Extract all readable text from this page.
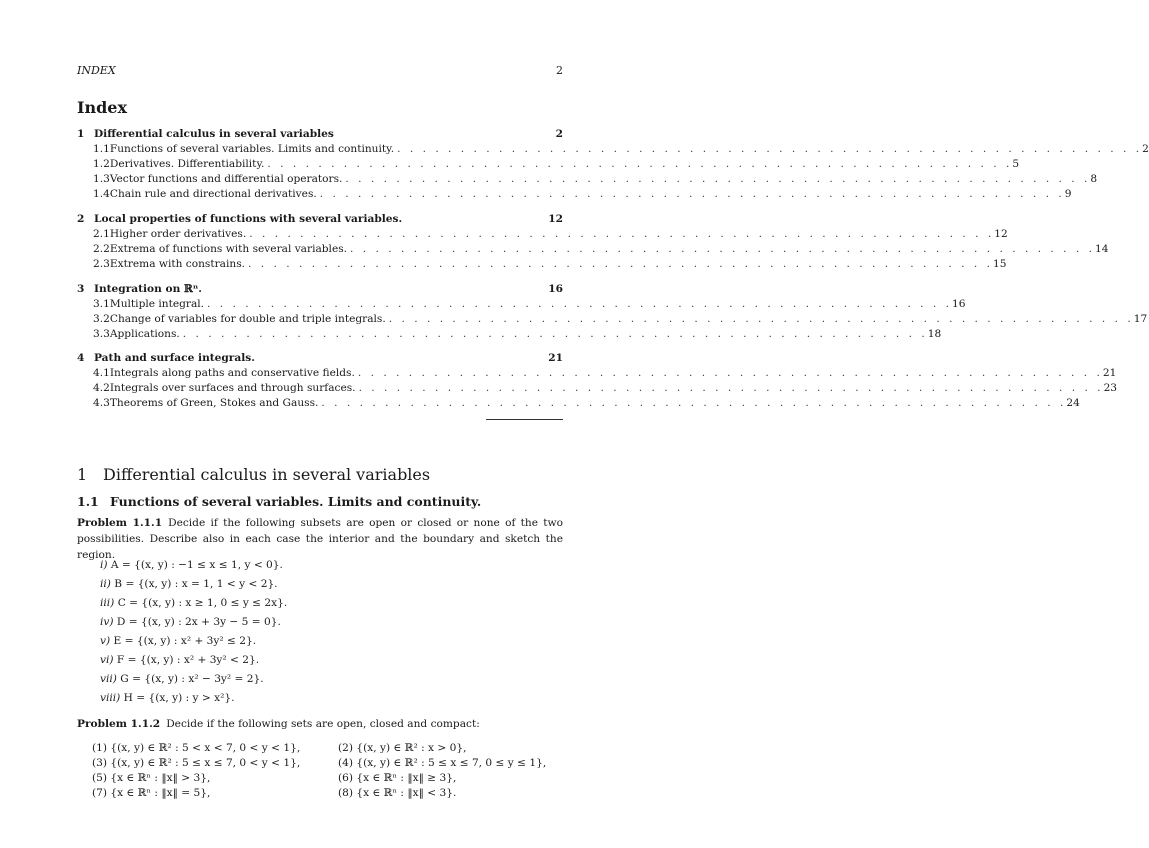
INDEX	2
Index
1 Differential calculus in several variables	2
1.1 Functions of several variables. Limits and continuity. . . . . . . . . . . . . . . . . . . . . . . . . . . . . . . . . . . . . . . . . . . . . . . . . . . . . . . . . . . . 2
1.2 Derivatives. Differentiability. . . . . . . . . . . . . . . . . . . . . . . . . . . . . . . . . . . . . . . . . . . . . . . . . . . . . . . . . . . . 5
1.3 Vector functions and differential operators. . . . . . . . . . . . . . . . . . . . . . . . . . . . . . . . . . . . . . . . . . . . . . . . . . . . . . . . . . . . 8
1.4 Chain rule and directional derivatives. . . . . . . . . . . . . . . . . . . . . . . . . . . . . . . . . . . . . . . . . . . . . . . . . . . . . . . . . . . . 9
2 Local properties of functions with several variables.	12
2.1 Higher order derivatives. . . . . . . . . . . . . . . . . . . . . . . . . . . . . . . . . . . . . . . . . . . . . . . . . . . . . . . . . . . . 12
2.2 Extrema of functions with several variables. . . . . . . . . . . . . . . . . . . . . . . . . . . . . . . . . . . . . . . . . . . . . . . . . . . . . . . . . . . . 14
2.3 Extrema with constrains. . . . . . . . . . . . . . . . . . . . . . . . . . . . . . . . . . . . . . . . . . . . . . . . . . . . . . . . . . . . 15
3 Integration on ℝⁿ.	16
3.1 Multiple integral. . . . . . . . . . . . . . . . . . . . . . . . . . . . . . . . . . . . . . . . . . . . . . . . . . . . . . . . . . . . 16
3.2 Change of variables for double and triple integrals. . . . . . . . . . . . . . . . . . . . . . . . . . . . . . . . . . . . . . . . . . . . . . . . . . . . . . . . . . . . 17
3.3 Applications. . . . . . . . . . . . . . . . . . . . . . . . . . . . . . . . . . . . . . . . . . . . . . . . . . . . . . . . . . . . 18
4 Path and surface integrals.	21
4.1 Integrals along paths and conservative fields. . . . . . . . . . . . . . . . . . . . . . . . . . . . . . . . . . . . . . . . . . . . . . . . . . . . . . . . . . . . 21
4.2 Integrals over surfaces and through surfaces. . . . . . . . . . . . . . . . . . . . . . . . . . . . . . . . . . . . . . . . . . . . . . . . . . . . . . . . . . . . 23
4.3 Theorems of Green, Stokes and Gauss. . . . . . . . . . . . . . . . . . . . . . . . . . . . . . . . . . . . . . . . . . . . . . . . . . . . . . . . . . . . 24
1 Differential calculus in several variables
1.1 Functions of several variables. Limits and continuity.
Problem 1.1.1 Decide if the following subsets are open or closed or none of the two possibilities. Describe also in each case the interior and the boundary and sketch the region.
i) A = {(x, y) : −1 ≤ x ≤ 1, y < 0}.
ii) B = {(x, y) : x = 1, 1 < y < 2}.
iii) C = {(x, y) : x ≥ 1, 0 ≤ y ≤ 2x}.
iv) D = {(x, y) : 2x + 3y − 5 = 0}.
v) E = {(x, y) : x² + 3y² ≤ 2}.
vi) F = {(x, y) : x² + 3y² < 2}.
vii) G = {(x, y) : x² − 3y² = 2}.
viii) H = {(x, y) : y > x²}.
Problem 1.1.2 Decide if the following sets are open, closed and compact:
(1) {(x, y) ∈ ℝ² : 5 < x < 7, 0 < y < 1},	(2) {(x, y) ∈ ℝ² : x > 0},
(3) {(x, y) ∈ ℝ² : 5 ≤ x ≤ 7, 0 < y < 1},	(4) {(x, y) ∈ ℝ² : 5 ≤ x ≤ 7, 0 ≤ y ≤ 1},
(5) {x ∈ ℝⁿ : ‖x‖ > 3},	(6) {x ∈ ℝⁿ : ‖x‖ ≥ 3},
(7) {x ∈ ℝⁿ : ‖x‖ = 5},	(8) {x ∈ ℝⁿ : ‖x‖ < 3}.
